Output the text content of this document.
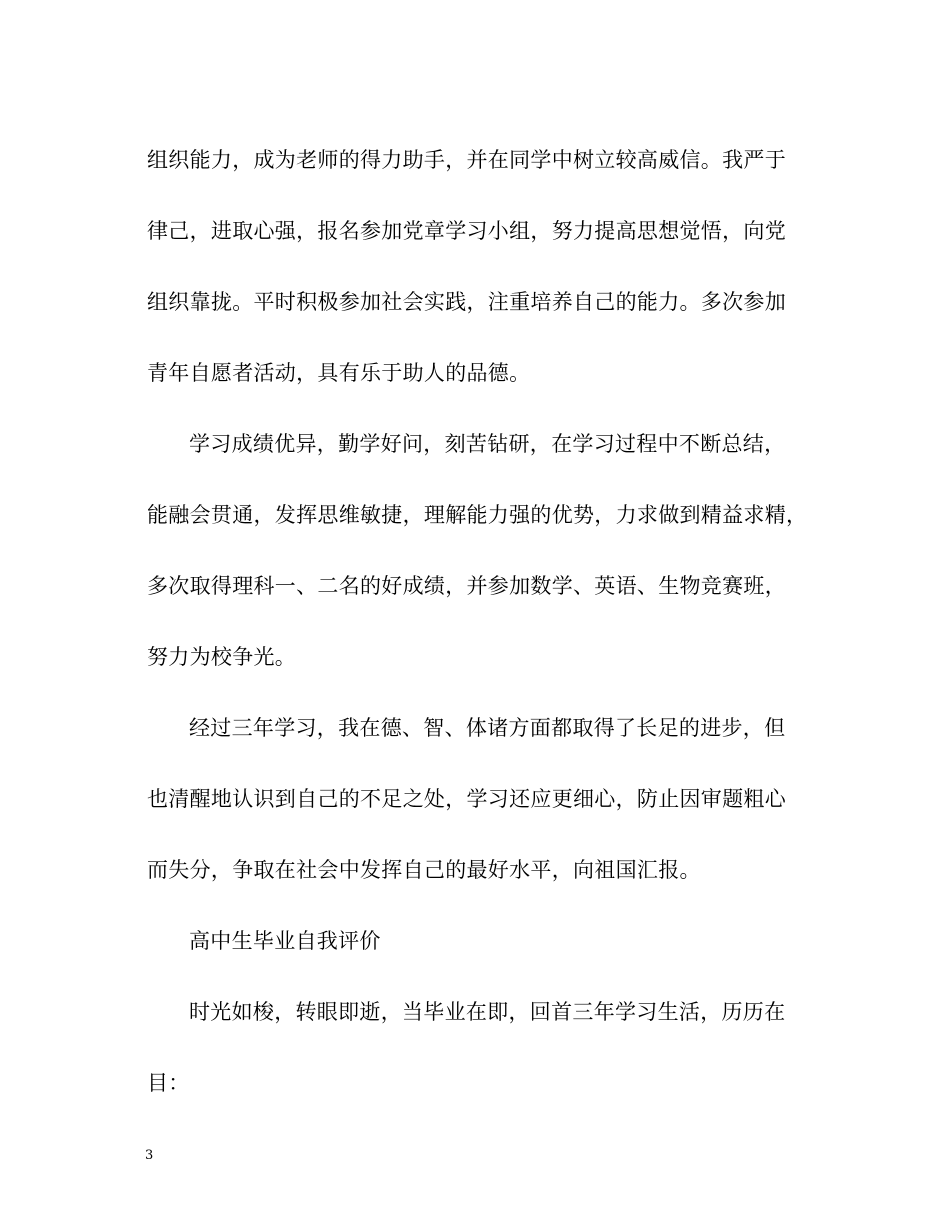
组织能力，成为老师的得力助手，并在同学中树立较高威信。我严于
律己，进取心强，报名参加党章学习小组，努力提高思想觉悟，向党
组织靠拢。平时积极参加社会实践，注重培养自己的能力。多次参加
青年自愿者活动，具有乐于助人的品德。
学习成绩优异，勤学好问，刻苦钻研，在学习过程中不断总结，
能融会贯通，发挥思维敏捷，理解能力强的优势，力求做到精益求精，
多次取得理科一、二名的好成绩，并参加数学、英语、生物竞赛班，
努力为校争光。
经过三年学习，我在德、智、体诸方面都取得了长足的进步，但
也清醒地认识到自己的不足之处，学习还应更细心，防止因审题粗心
而失分，争取在社会中发挥自己的最好水平，向祖国汇报。
高中生毕业自我评价
时光如梭，转眼即逝，当毕业在即，回首三年学习生活，历历在
目：
3
